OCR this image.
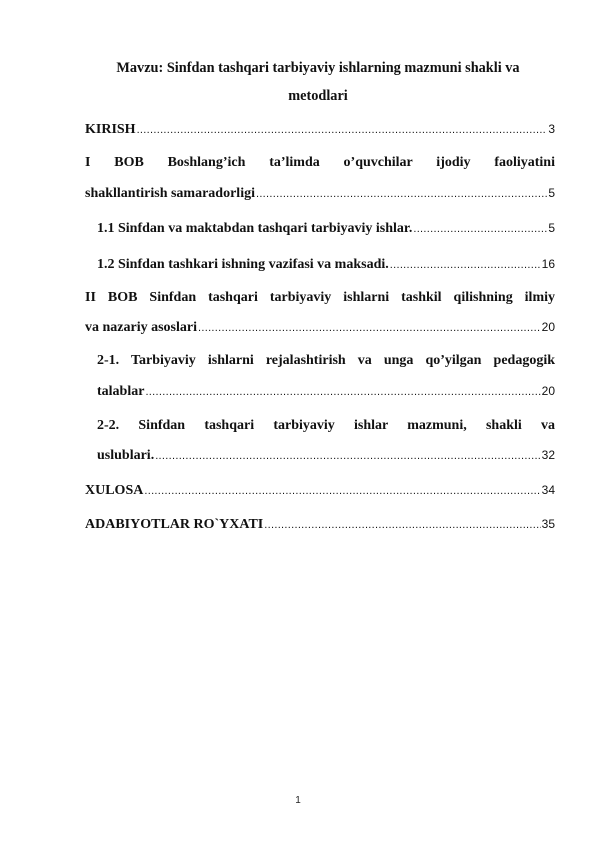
Mavzu: Sinfdan tashqari tarbiyaviy ishlarning mazmuni shakli va
metodlari
KIRISH .....	3
I BOB Boshlang’ich ta’limda o’quvchilar ijodiy faoliyatini
shakllantirish samaradorligi .....	5
1.1 Sinfdan va maktabdan tashqari tarbiyaviy ishlar. .....	5
1.2 Sinfdan tashkari ishning vazifasi va maksadi. .....	16
II BOB Sinfdan tashqari tarbiyaviy ishlarni tashkil qilishning ilmiy
va nazariy asoslari .....	20
2-1. Tarbiyaviy ishlarni rejalashtirish va unga qo’yilgan pedagogik
talablar .....	20
2-2. Sinfdan tashqari tarbiyaviy ishlar mazmuni, shakli va
uslublari. .....	32
XULOSA .....	34
ADABIYOTLAR RO`YXATI .....	35
1
